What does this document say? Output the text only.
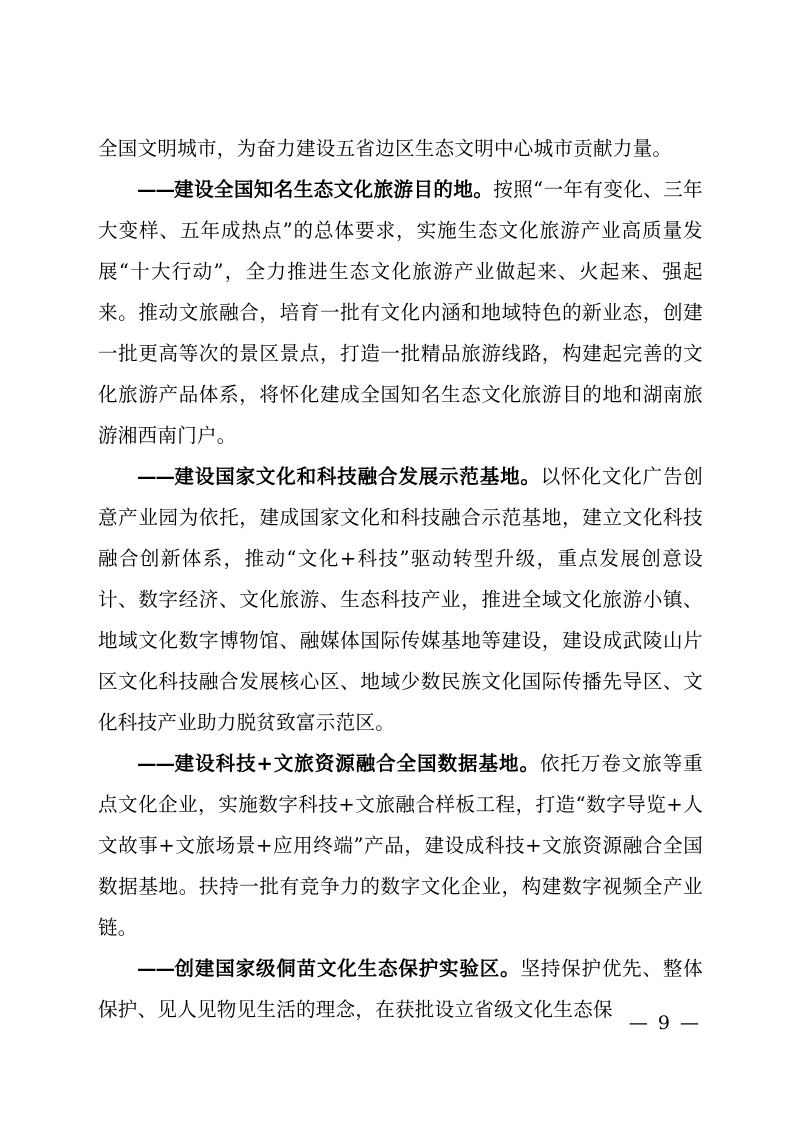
全国文明城市，为奋力建设五省边区生态文明中心城市贡献力量。

——建设全国知名生态文化旅游目的地。按照“一年有变化、三年大变样、五年成热点”的总体要求，实施生态文化旅游产业高质量发展“十大行动”，全力推进生态文化旅游产业做起来、火起来、强起来。推动文旅融合，培育一批有文化内涵和地域特色的新业态，创建一批更高等次的景区景点，打造一批精品旅游线路，构建起完善的文化旅游产品体系，将怀化建成全国知名生态文化旅游目的地和湖南旅游湘西南门户。

——建设国家文化和科技融合发展示范基地。以怀化文化广告创意产业园为依托，建成国家文化和科技融合示范基地，建立文化科技融合创新体系，推动“文化+科技”驱动转型升级，重点发展创意设计、数字经济、文化旅游、生态科技产业，推进全域文化旅游小镇、地域文化数字博物馆、融媒体国际传媒基地等建设，建设成武陵山片区文化科技融合发展核心区、地域少数民族文化国际传播先导区、文化科技产业助力脱贫致富示范区。

——建设科技+文旅资源融合全国数据基地。依托万卷文旅等重点文化企业，实施数字科技+文旅融合样板工程，打造“数字导览+人文故事+文旅场景+应用终端”产品，建设成科技+文旅资源融合全国数据基地。扶持一批有竞争力的数字文化企业，构建数字视频全产业链。

——创建国家级侗苗文化生态保护实验区。坚持保护优先、整体保护、见人见物见生活的理念，在获批设立省级文化生态保

— 9 —
